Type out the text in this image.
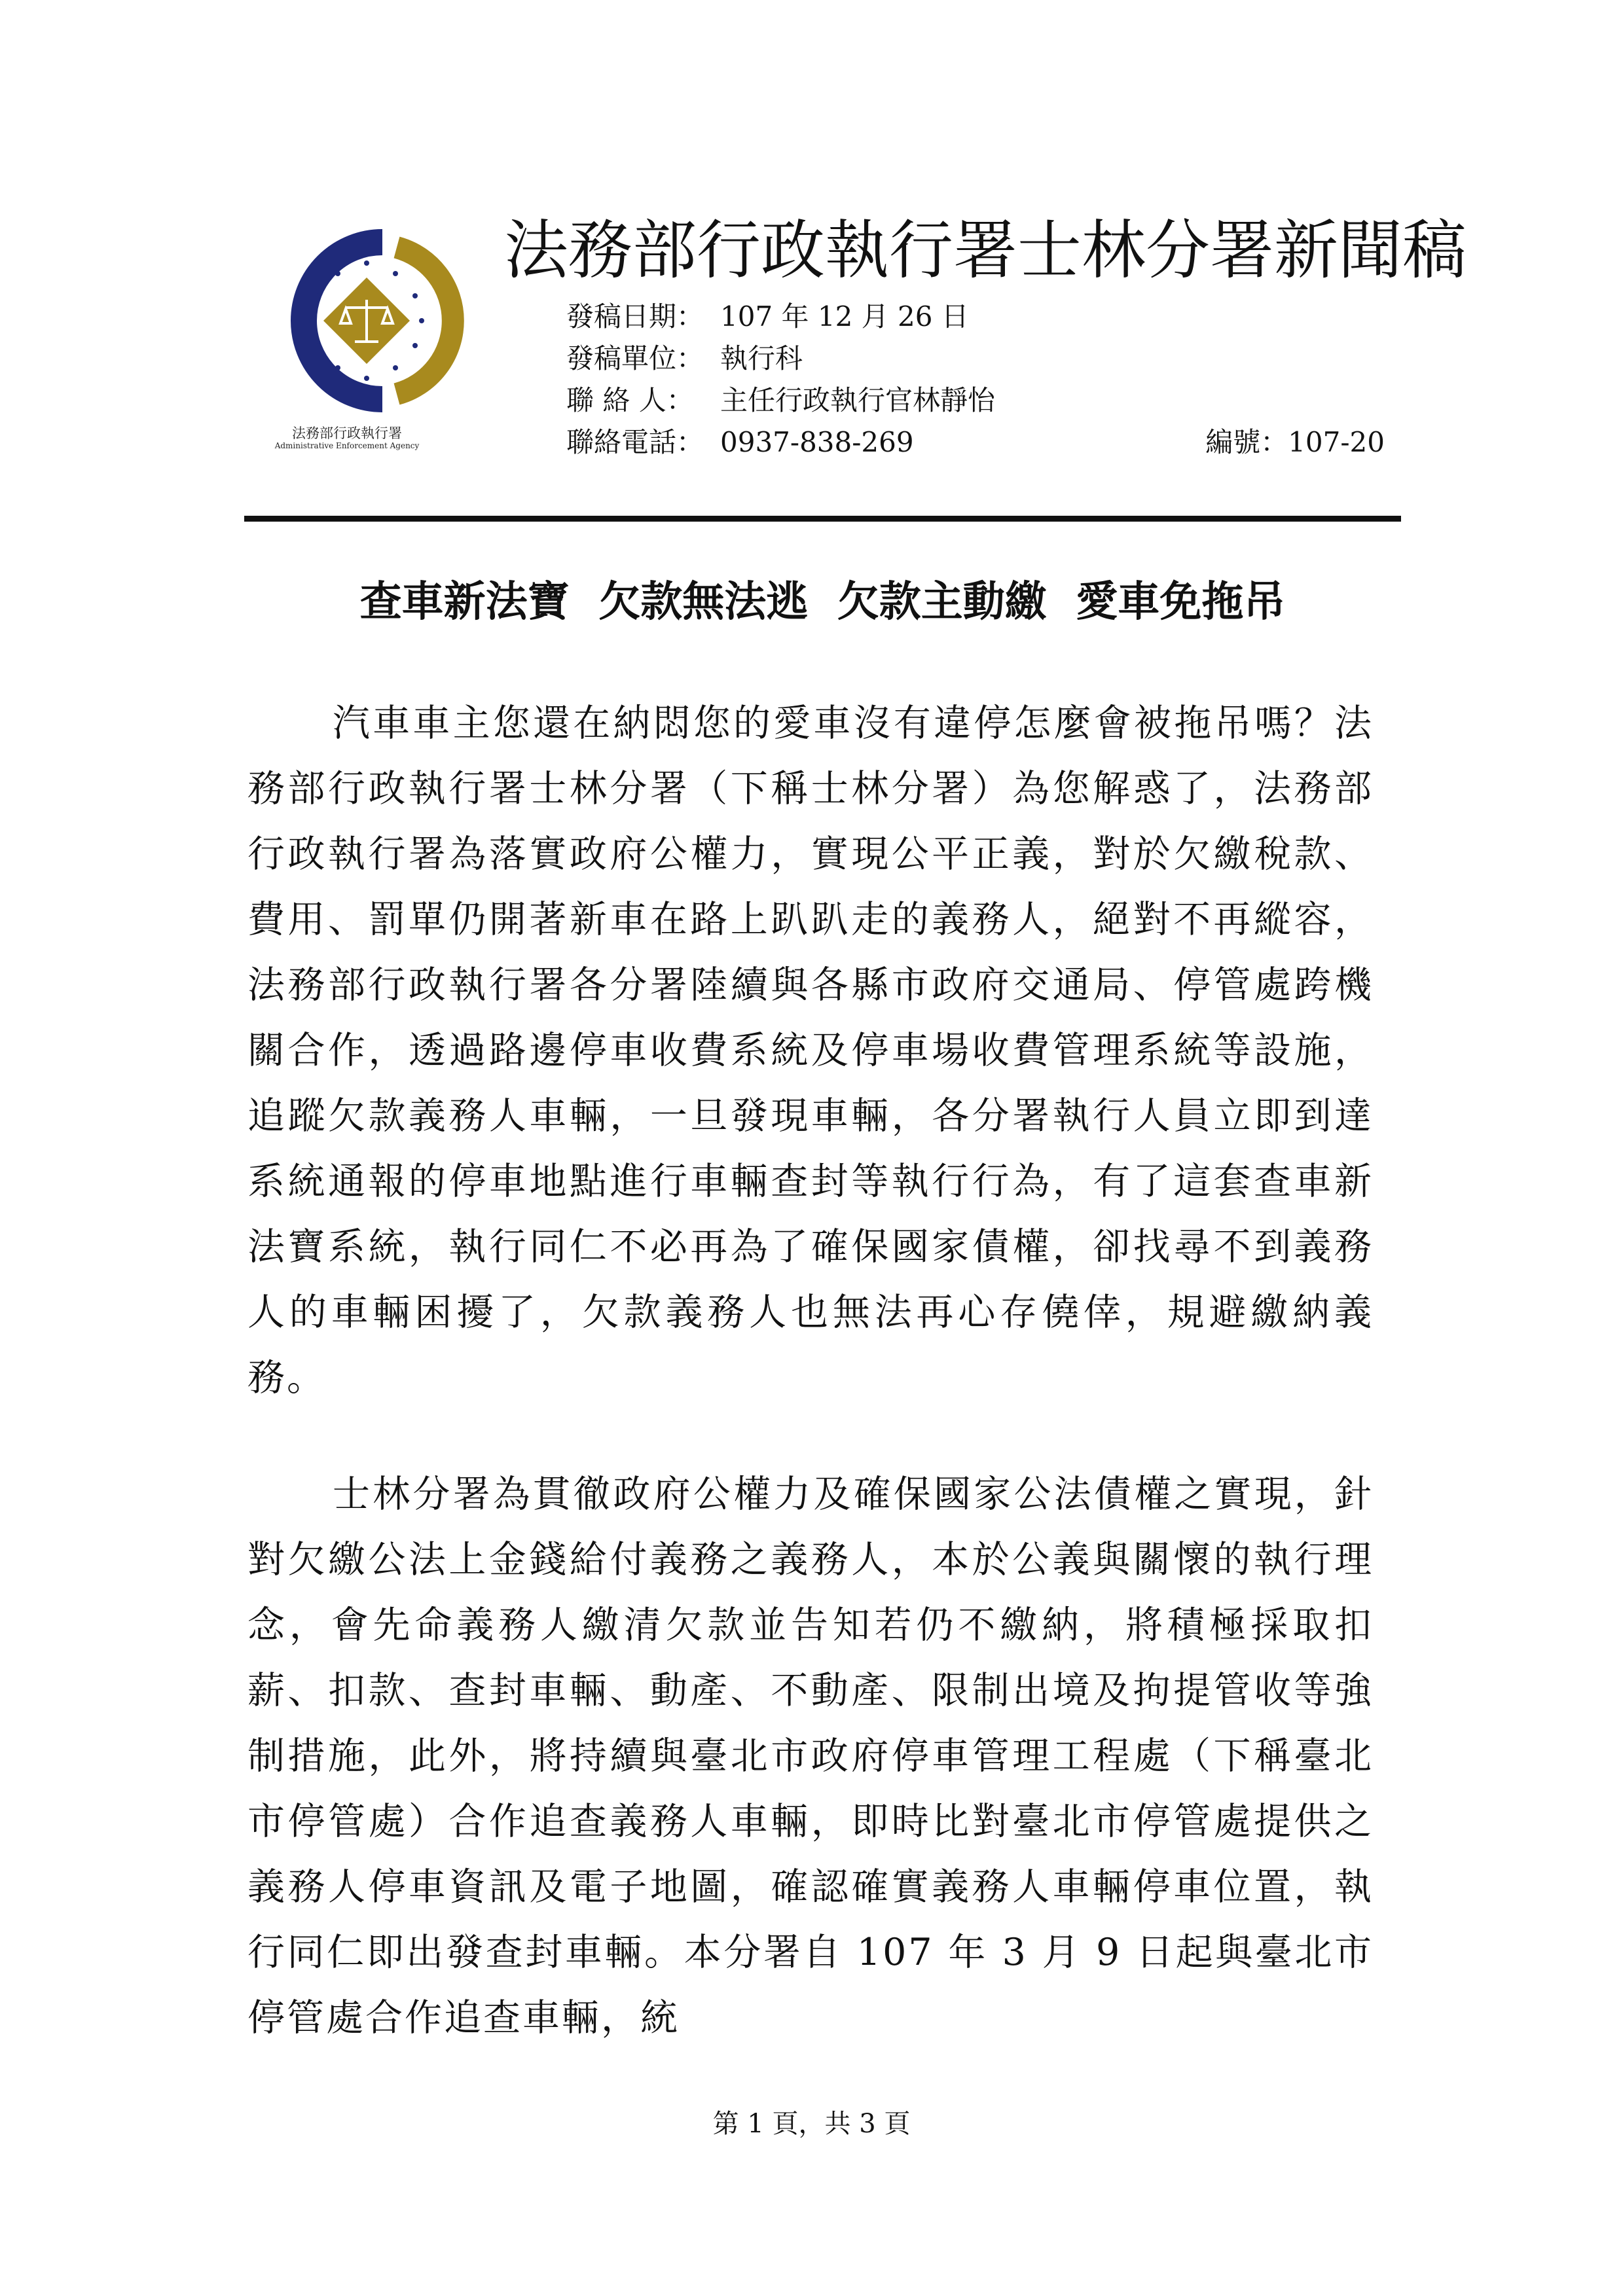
法務部行政執行署
Administrative Enforcement Agency
法務部行政執行署士林分署新聞稿
發稿日期： 107 年 12 月 26 日
發稿單位： 執行科
聯 絡 人： 主任行政執行官林靜怡
聯絡電話： 0937-838-269	編號：107-20
查車新法寶  欠款無法逃  欠款主動繳  愛車免拖吊

汽車車主您還在納悶您的愛車沒有違停怎麼會被拖吊嗎？法務部行政執行署士林分署（下稱士林分署）為您解惑了，法務部行政執行署為落實政府公權力，實現公平正義，對於欠繳稅款、費用、罰單仍開著新車在路上趴趴走的義務人，絕對不再縱容，法務部行政執行署各分署陸續與各縣市政府交通局、停管處跨機關合作，透過路邊停車收費系統及停車場收費管理系統等設施，追蹤欠款義務人車輛，一旦發現車輛，各分署執行人員立即到達系統通報的停車地點進行車輛查封等執行行為，有了這套查車新法寶系統，執行同仁不必再為了確保國家債權，卻找尋不到義務人的車輛困擾了，欠款義務人也無法再心存僥倖，規避繳納義務。

士林分署為貫徹政府公權力及確保國家公法債權之實現，針對欠繳公法上金錢給付義務之義務人，本於公義與關懷的執行理念，會先命義務人繳清欠款並告知若仍不繳納，將積極採取扣薪、扣款、查封車輛、動產、不動產、限制出境及拘提管收等強制措施，此外，將持續與臺北市政府停車管理工程處（下稱臺北市停管處）合作追查義務人車輛，即時比對臺北市停管處提供之義務人停車資訊及電子地圖，確認確實義務人車輛停車位置，執行同仁即出發查封車輛。本分署自 107 年 3 月 9 日起與臺北市停管處合作追查車輛，統

第 1 頁，共 3 頁
